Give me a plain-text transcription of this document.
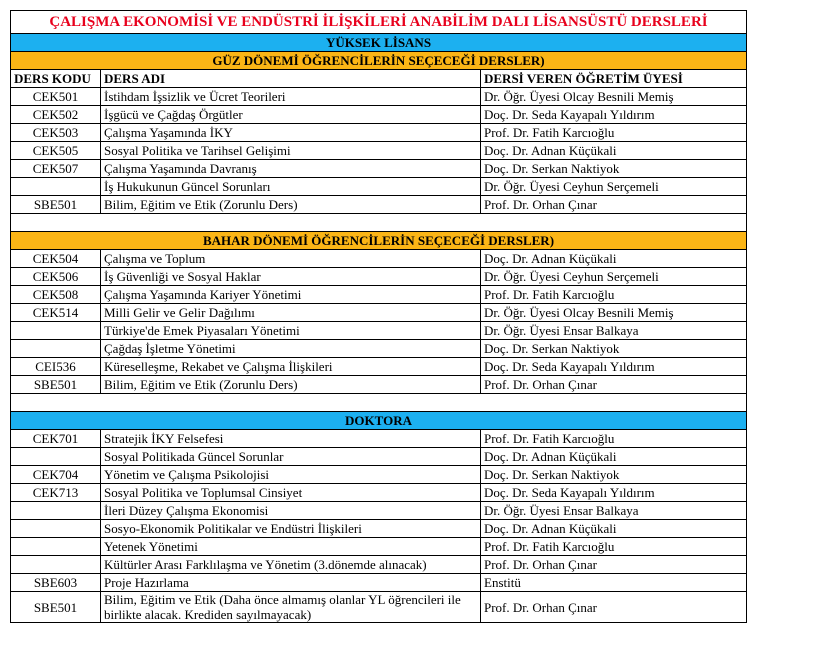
ÇALIŞMA EKONOMİSİ VE ENDÜSTRİ İLİŞKİLERİ ANABİLİM DALI LİSANSÜSTÜ DERSLERİ		
YÜKSEK LİSANS		
GÜZ DÖNEMİ ÖĞRENCİLERİN SEÇECEĞİ DERSLER)		
DERS KODU	DERS ADI	DERSİ VEREN ÖĞRETİM ÜYESİ
CEK501	İstihdam İşsizlik ve Ücret Teorileri	Dr. Öğr. Üyesi Olcay Besnili Memiş
CEK502	İşgücü ve Çağdaş Örgütler	Doç. Dr. Seda Kayapalı Yıldırım
CEK503	Çalışma Yaşamında İKY	Prof. Dr. Fatih Karcıoğlu
CEK505	Sosyal Politika ve Tarihsel Gelişimi	Doç. Dr. Adnan Küçükali
CEK507	Çalışma Yaşamında Davranış	Doç. Dr. Serkan Naktiyok
	İş Hukukunun Güncel Sorunları	Dr. Öğr. Üyesi Ceyhun Serçemeli
SBE501	Bilim, Eğitim ve Etik (Zorunlu Ders)	Prof. Dr. Orhan Çınar

BAHAR DÖNEMİ ÖĞRENCİLERİN SEÇECEĞİ DERSLER)		
CEK504	Çalışma ve Toplum	Doç. Dr. Adnan Küçükali
CEK506	İş Güvenliği ve Sosyal Haklar	Dr. Öğr. Üyesi Ceyhun Serçemeli
CEK508	Çalışma Yaşamında Kariyer Yönetimi	Prof. Dr. Fatih Karcıoğlu
CEK514	Milli Gelir ve Gelir Dağılımı	Dr. Öğr. Üyesi Olcay Besnili Memiş
	Türkiye'de Emek Piyasaları Yönetimi	Dr. Öğr. Üyesi Ensar Balkaya
	Çağdaş İşletme Yönetimi	Doç. Dr. Serkan Naktiyok
CEI536	Küreselleşme, Rekabet ve Çalışma İlişkileri	Doç. Dr. Seda Kayapalı Yıldırım
SBE501	Bilim, Eğitim ve Etik (Zorunlu Ders)	Prof. Dr. Orhan Çınar

DOKTORA		
CEK701	Stratejik İKY Felsefesi	Prof. Dr. Fatih Karcıoğlu
	Sosyal Politikada Güncel Sorunlar	Doç. Dr. Adnan Küçükali
CEK704	Yönetim ve Çalışma Psikolojisi	Doç. Dr. Serkan Naktiyok
CEK713	Sosyal Politika ve Toplumsal Cinsiyet	Doç. Dr. Seda Kayapalı Yıldırım
	İleri Düzey Çalışma Ekonomisi	Dr. Öğr. Üyesi Ensar Balkaya
	Sosyo-Ekonomik Politikalar ve Endüstri İlişkileri	Doç. Dr. Adnan Küçükali
	Yetenek Yönetimi	Prof. Dr. Fatih Karcıoğlu
	Kültürler Arası Farklılaşma ve Yönetim (3.dönemde alınacak)	Prof. Dr. Orhan Çınar
SBE603	Proje Hazırlama	Enstitü
SBE501	Bilim, Eğitim ve Etik (Daha önce almamış olanlar YL öğrencileri ile birlikte alacak. Krediden sayılmayacak)	Prof. Dr. Orhan Çınar
